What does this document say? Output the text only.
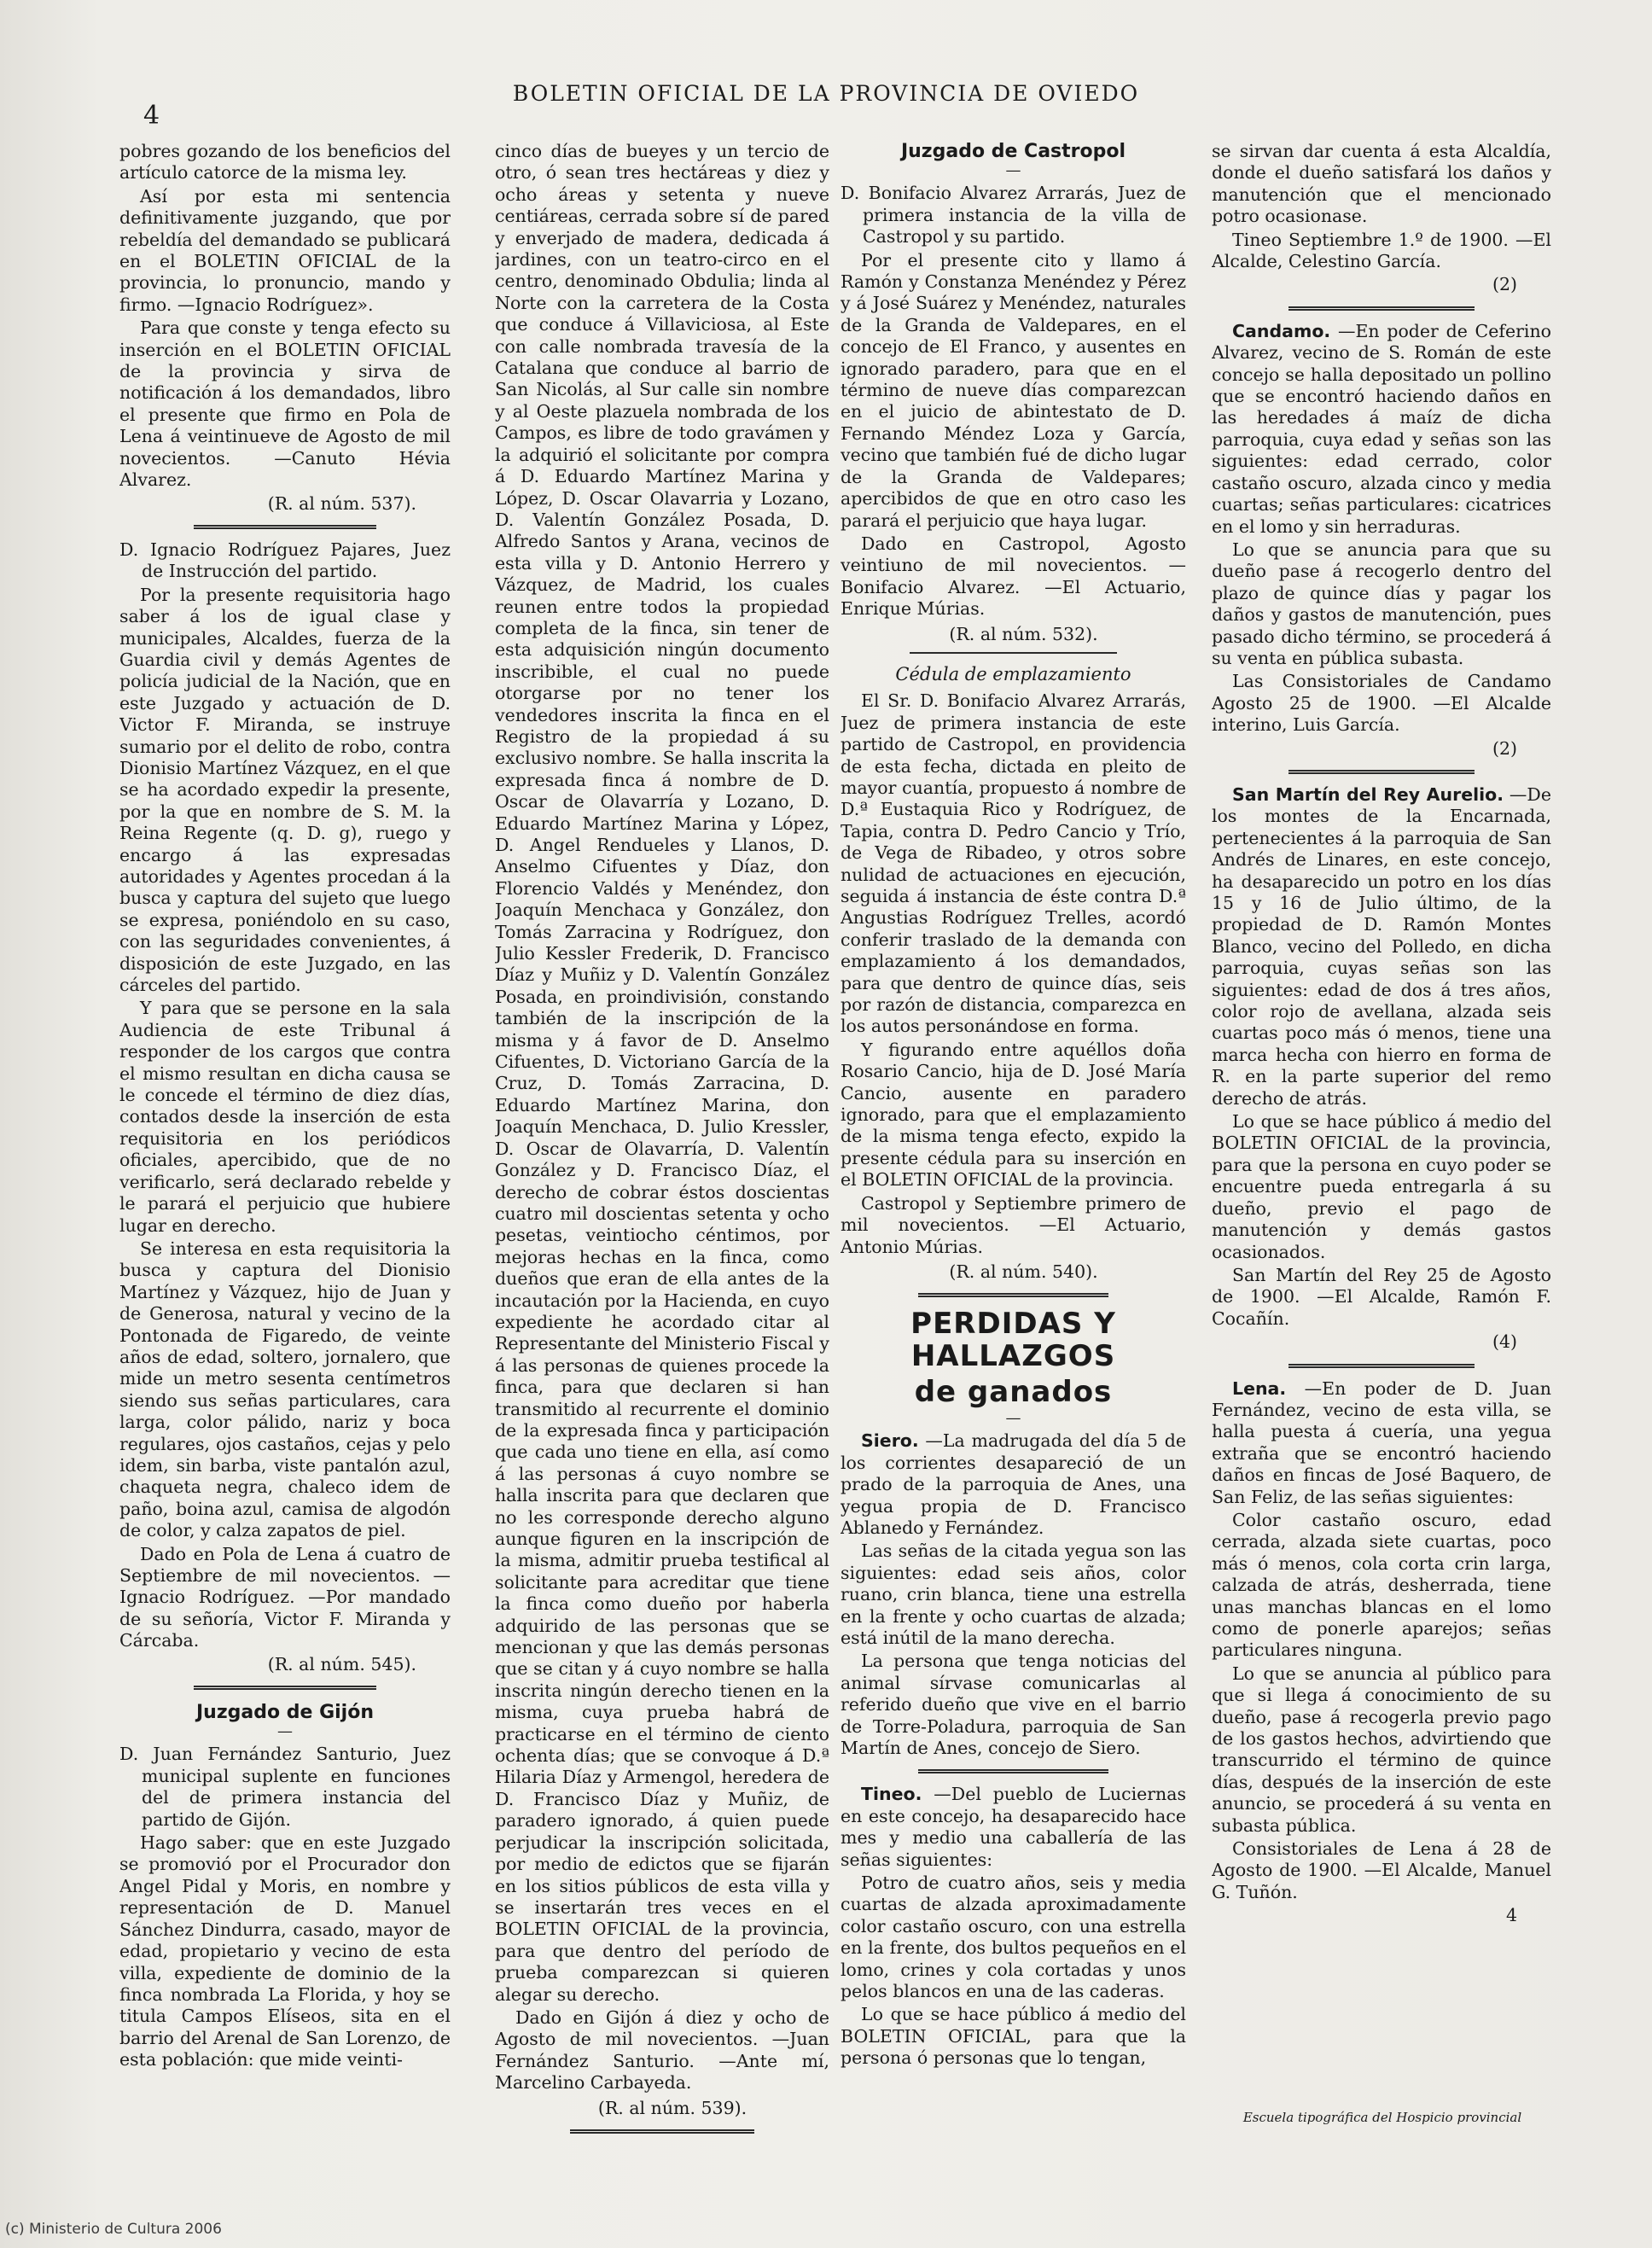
4
BOLETIN OFICIAL DE LA PROVINCIA DE OVIEDO

pobres gozando de los beneficios del artículo catorce de la misma ley.

Así por esta mi sentencia definitivamente juzgando, que por rebeldía del demandado se publicará en el BOLETIN OFICIAL de la provincia, lo pronuncio, mando y firmo. —Ignacio Rodríguez».

Para que conste y tenga efecto su inserción en el BOLETIN OFICIAL de la provincia y sirva de notificación á los demandados, libro el presente que firmo en Pola de Lena á veintinueve de Agosto de mil novecientos. —Canuto Hévia Alvarez.

(R. al núm. 537).

D. Ignacio Rodríguez Pajares, Juez de Instrucción del partido.

Por la presente requisitoria hago saber á los de igual clase y municipales, Alcaldes, fuerza de la Guardia civil y demás Agentes de policía judicial de la Nación, que en este Juzgado y actuación de D. Victor F. Miranda, se instruye sumario por el delito de robo, contra Dionisio Martínez Vázquez, en el que se ha acordado expedir la presente, por la que en nombre de S. M. la Reina Regente (q. D. g), ruego y encargo á las expresadas autoridades y Agentes procedan á la busca y captura del sujeto que luego se expresa, poniéndolo en su caso, con las seguridades convenientes, á disposición de este Juzgado, en las cárceles del partido.

Y para que se persone en la sala Audiencia de este Tribunal á responder de los cargos que contra el mismo resultan en dicha causa se le concede el término de diez días, contados desde la inserción de esta requisitoria en los periódicos oficiales, apercibido, que de no verificarlo, será declarado rebelde y le parará el perjuicio que hubiere lugar en derecho.

Se interesa en esta requisitoria la busca y captura del Dionisio Martínez y Vázquez, hijo de Juan y de Generosa, natural y vecino de la Pontonada de Figaredo, de veinte años de edad, soltero, jornalero, que mide un metro sesenta centímetros siendo sus señas particulares, cara larga, color pálido, nariz y boca regulares, ojos castaños, cejas y pelo idem, sin barba, viste pantalón azul, chaqueta negra, chaleco idem de paño, boina azul, camisa de algodón de color, y calza zapatos de piel.

Dado en Pola de Lena á cuatro de Septiembre de mil novecientos. —Ignacio Rodríguez. —Por mandado de su señoría, Victor F. Miranda y Cárcaba.

(R. al núm. 545).

Juzgado de Gijón
—

D. Juan Fernández Santurio, Juez municipal suplente en funciones del de primera instancia del partido de Gijón.

Hago saber: que en este Juzgado se promovió por el Procurador don Angel Pidal y Moris, en nombre y representación de D. Manuel Sánchez Dindurra, casado, mayor de edad, propietario y vecino de esta villa, expediente de dominio de la finca nombrada La Florida, y hoy se titula Campos Elíseos, sita en el barrio del Arenal de San Lorenzo, de esta población: que mide veinti-

cinco días de bueyes y un tercio de otro, ó sean tres hectáreas y diez y ocho áreas y setenta y nueve centiáreas, cerrada sobre sí de pared y enverjado de madera, dedicada á jardines, con un teatro-circo en el centro, denominado Obdulia; linda al Norte con la carretera de la Costa que conduce á Villaviciosa, al Este con calle nombrada travesía de la Catalana que conduce al barrio de San Nicolás, al Sur calle sin nombre y al Oeste plazuela nombrada de los Campos, es libre de todo gravámen y la adquirió el solicitante por compra á D. Eduardo Martínez Marina y López, D. Oscar Olavarria y Lozano, D. Valentín González Posada, D. Alfredo Santos y Arana, vecinos de esta villa y D. Antonio Herrero y Vázquez, de Madrid, los cuales reunen entre todos la propiedad completa de la finca, sin tener de esta adquisición ningún documento inscribible, el cual no puede otorgarse por no tener los vendedores inscrita la finca en el Registro de la propiedad á su exclusivo nombre. Se halla inscrita la expresada finca á nombre de D. Oscar de Olavarría y Lozano, D. Eduardo Martínez Marina y López, D. Angel Rendueles y Llanos, D. Anselmo Cifuentes y Díaz, don Florencio Valdés y Menéndez, don Joaquín Menchaca y González, don Tomás Zarracina y Rodríguez, don Julio Kessler Frederik, D. Francisco Díaz y Muñiz y D. Valentín González Posada, en proindivisión, constando también de la inscripción de la misma y á favor de D. Anselmo Cifuentes, D. Victoriano García de la Cruz, D. Tomás Zarracina, D. Eduardo Martínez Marina, don Joaquín Menchaca, D. Julio Kressler, D. Oscar de Olavarría, D. Valentín González y D. Francisco Díaz, el derecho de cobrar éstos doscientas cuatro mil doscientas setenta y ocho pesetas, veintiocho céntimos, por mejoras hechas en la finca, como dueños que eran de ella antes de la incautación por la Hacienda, en cuyo expediente he acordado citar al Representante del Ministerio Fiscal y á las personas de quienes procede la finca, para que declaren si han transmitido al recurrente el dominio de la expresada finca y participación que cada uno tiene en ella, así como á las personas á cuyo nombre se halla inscrita para que declaren que no les corresponde derecho alguno aunque figuren en la inscripción de la misma, admitir prueba testifical al solicitante para acreditar que tiene la finca como dueño por haberla adquirido de las personas que se mencionan y que las demás personas que se citan y á cuyo nombre se halla inscrita ningún derecho tienen en la misma, cuya prueba habrá de practicarse en el término de ciento ochenta días; que se convoque á D.ª Hilaria Díaz y Armengol, heredera de D. Francisco Díaz y Muñiz, de paradero ignorado, á quien puede perjudicar la inscripción solicitada, por medio de edictos que se fijarán en los sitios públicos de esta villa y se insertarán tres veces en el BOLETIN OFICIAL de la provincia, para que dentro del período de prueba comparezcan si quieren alegar su derecho.

Dado en Gijón á diez y ocho de Agosto de mil novecientos. —Juan Fernández Santurio. —Ante mí, Marcelino Carbayeda.

(R. al núm. 539).

Juzgado de Castropol
—

D. Bonifacio Alvarez Arrarás, Juez de primera instancia de la villa de Castropol y su partido.

Por el presente cito y llamo á Ramón y Constanza Menéndez y Pérez y á José Suárez y Menéndez, naturales de la Granda de Valdepares, en el concejo de El Franco, y ausentes en ignorado paradero, para que en el término de nueve días comparezcan en el juicio de abintestato de D. Fernando Méndez Loza y García, vecino que también fué de dicho lugar de la Granda de Valdepares; apercibidos de que en otro caso les parará el perjuicio que haya lugar.

Dado en Castropol, Agosto veintiuno de mil novecientos. —Bonifacio Alvarez. —El Actuario, Enrique Múrias.

(R. al núm. 532).

Cédula de emplazamiento

El Sr. D. Bonifacio Alvarez Arrarás, Juez de primera instancia de este partido de Castropol, en providencia de esta fecha, dictada en pleito de mayor cuantía, propuesto á nombre de D.ª Eustaquia Rico y Rodríguez, de Tapia, contra D. Pedro Cancio y Trío, de Vega de Ribadeo, y otros sobre nulidad de actuaciones en ejecución, seguida á instancia de éste contra D.ª Angustias Rodríguez Trelles, acordó conferir traslado de la demanda con emplazamiento á los demandados, para que dentro de quince días, seis por razón de distancia, comparezca en los autos personándose en forma.

Y figurando entre aquéllos doña Rosario Cancio, hija de D. José María Cancio, ausente en paradero ignorado, para que el emplazamiento de la misma tenga efecto, expido la presente cédula para su inserción en el BOLETIN OFICIAL de la provincia.

Castropol y Septiembre primero de mil novecientos. —El Actuario, Antonio Múrias.

(R. al núm. 540).

PERDIDAS Y HALLAZGOS
de ganados
—

Siero. —La madrugada del día 5 de los corrientes desapareció de un prado de la parroquia de Anes, una yegua propia de D. Francisco Ablanedo y Fernández.

Las señas de la citada yegua son las siguientes: edad seis años, color ruano, crin blanca, tiene una estrella en la frente y ocho cuartas de alzada; está inútil de la mano derecha.

La persona que tenga noticias del animal sírvase comunicarlas al referido dueño que vive en el barrio de Torre-Poladura, parroquia de San Martín de Anes, concejo de Siero.

Tineo. —Del pueblo de Luciernas en este concejo, ha desaparecido hace mes y medio una caballería de las señas siguientes:

Potro de cuatro años, seis y media cuartas de alzada aproximadamente color castaño oscuro, con una estrella en la frente, dos bultos pequeños en el lomo, crines y cola cortadas y unos pelos blancos en una de las caderas.

Lo que se hace público á medio del BOLETIN OFICIAL, para que la persona ó personas que lo tengan,

se sirvan dar cuenta á esta Alcaldía, donde el dueño satisfará los daños y manutención que el mencionado potro ocasionase.

Tineo Septiembre 1.º de 1900. —El Alcalde, Celestino García.

(2)

Candamo. —En poder de Ceferino Alvarez, vecino de S. Román de este concejo se halla depositado un pollino que se encontró haciendo daños en las heredades á maíz de dicha parroquia, cuya edad y señas son las siguientes: edad cerrado, color castaño oscuro, alzada cinco y media cuartas; señas particulares: cicatrices en el lomo y sin herraduras.

Lo que se anuncia para que su dueño pase á recogerlo dentro del plazo de quince días y pagar los daños y gastos de manutención, pues pasado dicho término, se procederá á su venta en pública subasta.

Las Consistoriales de Candamo Agosto 25 de 1900. —El Alcalde interino, Luis García.

(2)

San Martín del Rey Aurelio. —De los montes de la Encarnada, pertenecientes á la parroquia de San Andrés de Linares, en este concejo, ha desaparecido un potro en los días 15 y 16 de Julio último, de la propiedad de D. Ramón Montes Blanco, vecino del Polledo, en dicha parroquia, cuyas señas son las siguientes: edad de dos á tres años, color rojo de avellana, alzada seis cuartas poco más ó menos, tiene una marca hecha con hierro en forma de R. en la parte superior del remo derecho de atrás.

Lo que se hace público á medio del BOLETIN OFICIAL de la provincia, para que la persona en cuyo poder se encuentre pueda entregarla á su dueño, previo el pago de manutención y demás gastos ocasionados.

San Martín del Rey 25 de Agosto de 1900. —El Alcalde, Ramón F. Cocañín.

(4)

Lena. —En poder de D. Juan Fernández, vecino de esta villa, se halla puesta á cuería, una yegua extraña que se encontró haciendo daños en fincas de José Baquero, de San Feliz, de las señas siguientes:

Color castaño oscuro, edad cerrada, alzada siete cuartas, poco más ó menos, cola corta crin larga, calzada de atrás, desherrada, tiene unas manchas blancas en el lomo como de ponerle aparejos; señas particulares ninguna.

Lo que se anuncia al público para que si llega á conocimiento de su dueño, pase á recogerla previo pago de los gastos hechos, advirtiendo que transcurrido el término de quince días, después de la inserción de este anuncio, se procederá á su venta en subasta pública.

Consistoriales de Lena á 28 de Agosto de 1900. —El Alcalde, Manuel G. Tuñón.

4

Escuela tipográfica del Hospicio provincial
(c) Ministerio de Cultura 2006
